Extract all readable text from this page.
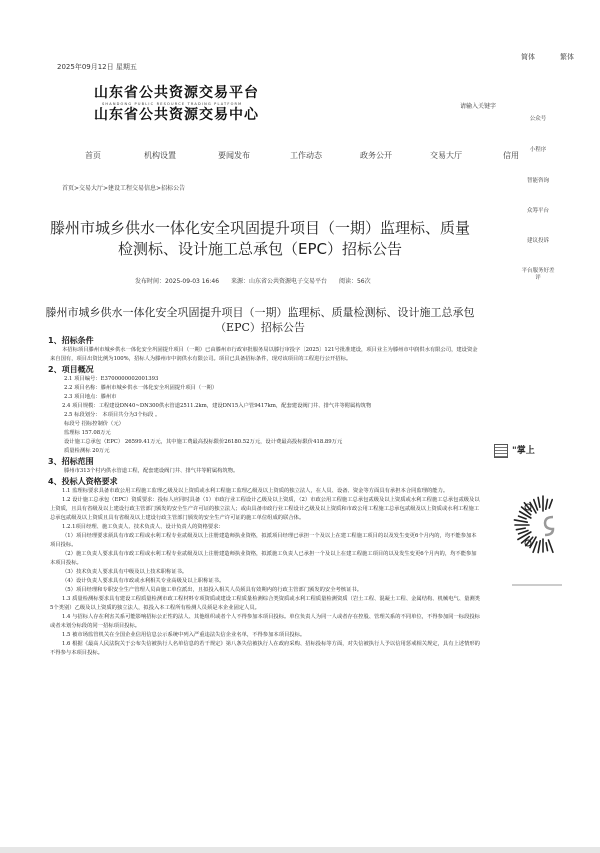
2025年09月12日 星期五
简体	繁体
山东省公共资源交易平台
SHANDONG PUBLIC RESOURCE TRADING PLATFORM
山东省公共资源交易中心
请输入关键字
首页	机构设置	要闻发布	工作动态	政务公开	交易大厅	信用
公众号
小程序
智能咨询
众筹平台
建议投诉
平台服务好差评
首页>交易大厅>建设工程交易信息>招标公告
滕州市城乡供水一体化安全巩固提升项目（一期）监理标、质量检测标、设计施工总承包（EPC）招标公告
发布时间：2025-09-03 16:46 来源：山东省公共资源电子交易平台 阅读：56次
滕州市城乡供水一体化安全巩固提升项目（一期）监理标、质量检测标、设计施工总承包（EPC）招标公告
1、招标条件

本招标项目滕州市城乡供水一体化安全巩固提升项目（一期）已由滕州市行政审批服务局以滕行审投字〔2025〕121号批准建设，项目业主为滕州市中润供水有限公司，建设资金来自国有，项目出资比例为100%，招标人为滕州市中润供水有限公司。项目已具备招标条件，现对该项目的工程进行公开招标。

2、项目概况

2.1 项目编号：E3700000002001393

2.2 项目名称：滕州市城乡供水一体化安全巩固提升项目（一期）

2.3 项目地点：滕州市

2.4 项目规模：工程建设DN40~DN300供水管道2511.2km，建设DN15入户管9417km，配套建设阀门井、排气井等附属构筑物

2.5 标段划分： 本项目共分为3个标段 。

标段号 招标控制价（元）

监理标 157.08万元

设计施工总承包（EPC） 26599.41万元，其中施工费最高投标限价26180.52万元，设计费最高投标限价418.89万元

质量检测标 20万元

3、招标范围

滕州市313个村内供水管道工程，配套建设阀门井、排气井等附属构筑物。

4、投标人资格要求

1.1 监理标要求具备市政公用工程施工监理乙级及以上资质或水利工程施工监理乙级及以上资质的独立法人，在人员、设备、资金等方面具有承担本合同监理的能力。

1.2 设计施工总承包（EPC）资质要求：投标人应同时具备（1）市政行业工程设计乙级及以上资质，（2）市政公用工程施工总承包贰级及以上资质或水利工程施工总承包贰级及以上资质，且具有省级及以上建设行政主管部门颁发的安全生产许可证的独立法人；或由具备市政行业工程设计乙级及以上资质和市政公用工程施工总承包贰级及以上资质或水利工程施工总承包贰级及以上资质且具有省级及以上建设行政主管部门颁发的安全生产许可证的施工单位组成的联合体。

1.2.1项目经理、施工负责人、技术负责人、设计负责人的资格要求：

（1）项目经理要求须具有市政工程或水利工程专业贰级及以上注册建造师执业资格，拟派项目经理已承担一个及以上在建工程施工项目的以及发生变更6个月内的，均不能参加本项目投标。

（2）施工负责人要求具有市政工程或水利工程专业贰级及以上注册建造师执业资格，拟派施工负责人已承担一个及以上在建工程施工项目的以及发生变更6个月内的，均不能参加本项目投标。

（3）技术负责人要求具有中级及以上技术职称证书。

（4）设计负责人要求具有市政或水利相关专业高级及以上职称证书。

（5）项目经理和专职安全生产管理人员由施工单位派出，且拟投入相关人员须具有效期内的行政主管部门颁发的安全考核证书。

1.3 质量检测标要求具有建设工程质量检测市政工程材料专项资质或建设工程质量检测综合类资质或水利工程质量检测资质（岩土工程、混凝土工程、金属结构、机械电气、量测类5个类别）乙级及以上资质的独立法人，拟投入本工程所有检测人员须是本企业固定人员。

1.4 与招标人存在利害关系可能影响招标公正性的法人、其他组织或者个人不得参加本项目投标。单位负责人为同一人或者存在控股、管理关系的不同单位，不得参加同一标段投标或者未划分标段的同一招标项目投标。

1.5 被市场监管机关在全国企业信用信息公示系统中列入严重违法失信企业名单，不得参加本项目投标。

1.6 根据《最高人民法院关于公布失信被执行人名单信息的若干规定》第八条失信被执行人在政府采购、招标投标等方面，对失信被执行人予以信用惩戒相关规定，具有上述情形的不得参与本项目投标。

"掌上
